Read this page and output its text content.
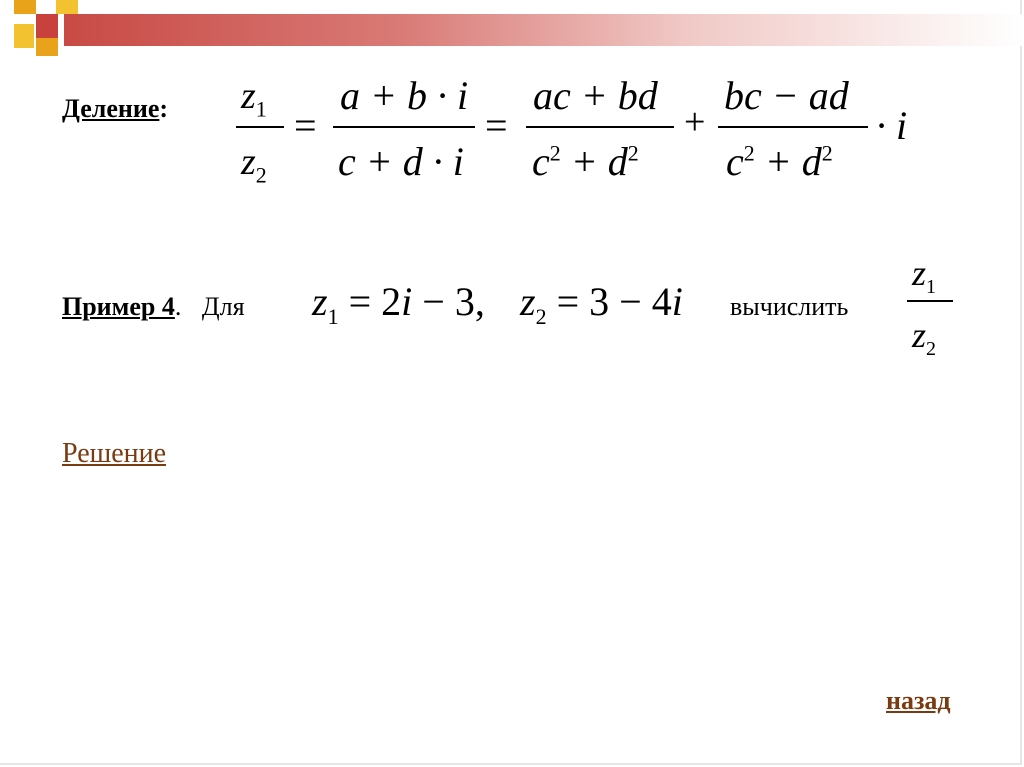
Деление: $z_1$
$z_2$
=
a + b · i
c + d · i
=
ac + bd
$c^2 + d^2$
+
bc − ad
$c^2 + d^2$
· i
Пример 4. Для $z_1 = 2i - 3$, $z_2 = 3 - 4i$ вычислить
$z_1$
$z_2$
Решение
назад
